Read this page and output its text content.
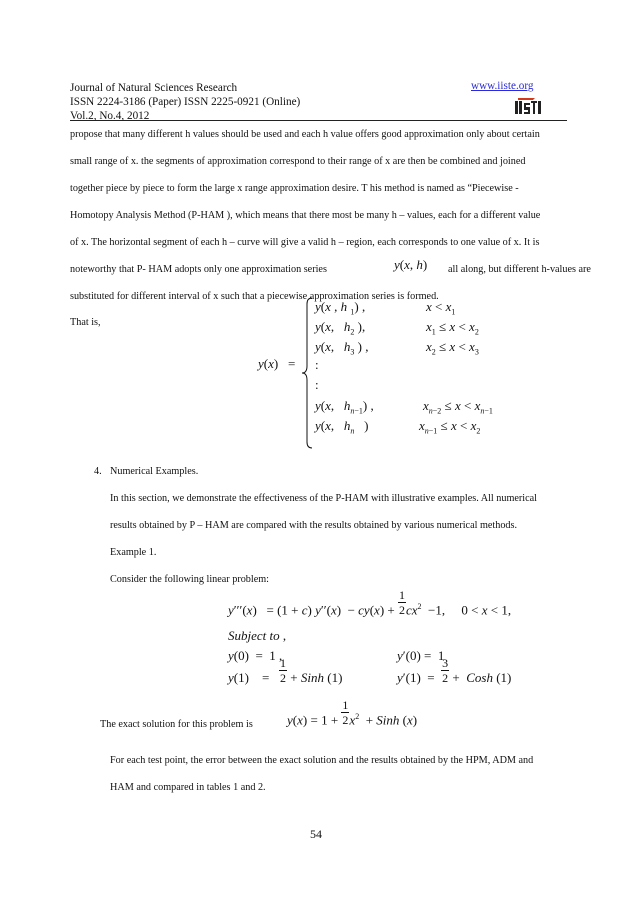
Journal of Natural Sciences Research
ISSN 2224-3186 (Paper) ISSN 2225-0921 (Online)
Vol.2, No.4, 2012
www.iiste.org
propose that many different h values should be used and each h value offers good approximation only about certain
small range of x. the segments of approximation correspond to their range of x are then be combined and joined
together piece by piece to form the large x range approximation desire. T his method is named as “Piecewise -
Homotopy Analysis Method (P-HAM ), which means that there most be many h – values, each for a different value
of x. The horizontal segment of each h – curve will give a valid h – region, each corresponds to one value of x. It is
noteworthy that P- HAM adopts only one approximation series	y(x, h) all along, but different h-values are
substituted for different interval of x such that a piecewise approximation series is formed.
That is,
y(x)   =
y(x , h $_1$) ,	$x < x_1$
y(x,   $h_2$ ),	$x_1 \le x < x_2$
y(x,   $h_3$ ) ,	$x_2 \le x < x_3$
:
:
y(x,   $h_{n-1}$) ,	$x_{n-2} \le x < x_{n-1}$
y(x,   $h_n$   )	$x_{n-1} \le x < x_2$
4. Numerical Examples.
In this section, we demonstrate the effectiveness of the P-HAM with illustrative examples. All numerical
results obtained by P – HAM are compared with the results obtained by various numerical methods.
Example 1.
Consider the following linear problem:
y′′′(x)   = (1 + c) $y''(x) - cy(x) + \frac{1}{2} cx^2 -1$,     0 < x < 1,
Subject to ,
y(0)  =  1 ,	y′(0) =  1
y(1)    = $\frac{1}{2}$ + Sinh (1)	$y'(1) = \frac{3}{2}$ +  Cosh (1)
The exact solution for this problem is	$y(x) = 1 + \frac{1}{2} x^2$  + Sinh (x)
For each test point, the error between the exact solution and the results obtained by the HPM, ADM and
HAM and compared in tables 1 and 2.
54
